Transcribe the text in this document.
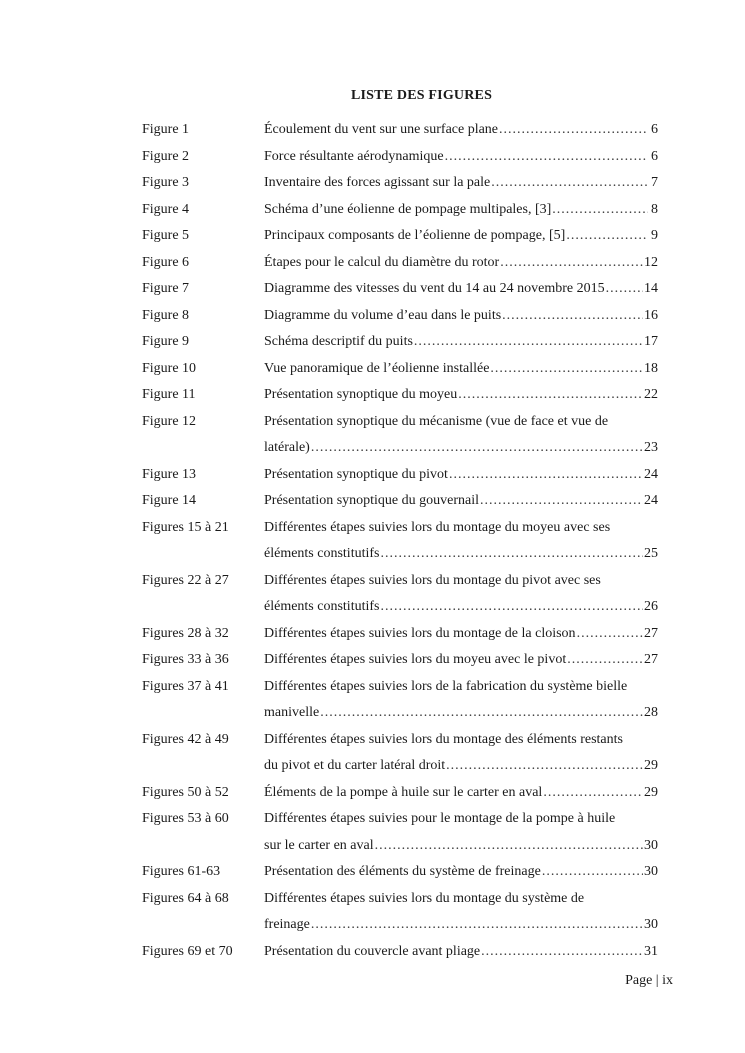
LISTE DES FIGURES
Figure 1	Écoulement du vent sur une surface plane .....	6
Figure 2	Force résultante aérodynamique .....	6
Figure 3	Inventaire des forces agissant sur la pale .....	7
Figure 4	Schéma d’une éolienne de pompage multipales, [3] .....	8
Figure 5	Principaux composants de l’éolienne de pompage, [5] .....	9
Figure 6	Étapes pour le calcul du diamètre du rotor .....	12
Figure 7	Diagramme des vitesses du vent du 14 au 24 novembre 2015 .....	14
Figure 8	Diagramme du volume d’eau dans le puits .....	16
Figure 9	Schéma descriptif du puits .....	17
Figure 10	Vue panoramique de l’éolienne installée .....	18
Figure 11	Présentation synoptique du moyeu .....	22
Figure 12	Présentation synoptique du mécanisme (vue de face et vue de
latérale) .....	23
Figure 13	Présentation synoptique du pivot .....	24
Figure 14	Présentation synoptique du gouvernail .....	24
Figures 15 à 21	Différentes étapes suivies lors du montage du moyeu avec ses
éléments constitutifs .....	25
Figures 22 à 27	Différentes étapes suivies lors du montage du pivot avec ses
éléments constitutifs .....	26
Figures 28 à 32	Différentes étapes suivies lors du montage de la cloison .....	27
Figures 33 à 36	Différentes étapes suivies lors du moyeu avec le pivot .....	27
Figures 37 à 41	Différentes étapes suivies lors de la fabrication du système bielle
manivelle .....	28
Figures 42 à 49	Différentes étapes suivies lors du montage des éléments restants
du pivot et du carter latéral droit .....	29
Figures 50 à 52	Éléments de la pompe à huile sur le carter en aval .....	29
Figures 53 à 60	Différentes étapes suivies pour le montage de la pompe à huile
sur le carter en aval .....	30
Figures 61-63	Présentation des éléments du système de freinage .....	30
Figures 64 à 68	Différentes étapes suivies lors du montage du système de
freinage .....	30
Figures 69 et 70	Présentation du couvercle avant pliage .....	31
Page | ix
